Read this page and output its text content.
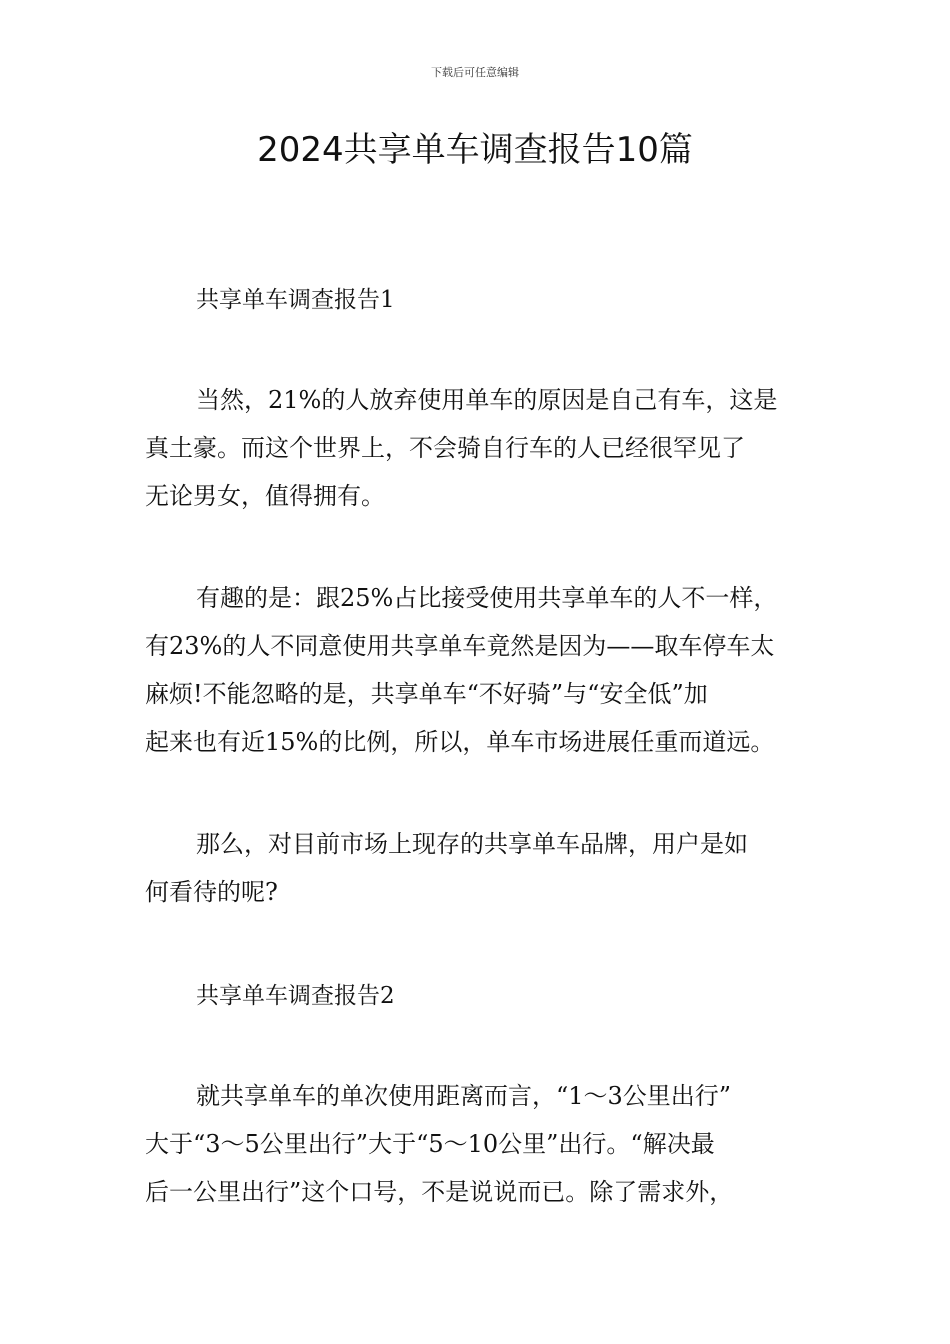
下载后可任意编辑
2024共享单车调查报告10篇
共享单车调查报告1
当然，21%的人放弃使用单车的原因是自己有车，这是
真土豪。而这个世界上，不会骑自行车的人已经很罕见了
无论男女，值得拥有。
有趣的是：跟25%占比接受使用共享单车的人不一样，
有23%的人不同意使用共享单车竟然是因为——取车停车太
麻烦!不能忽略的是，共享单车“不好骑”与“安全低”加
起来也有近15%的比例，所以，单车市场进展任重而道远。
那么，对目前市场上现存的共享单车品牌，用户是如
何看待的呢?
共享单车调查报告2
就共享单车的单次使用距离而言，“1～3公里出行”
大于“3～5公里出行”大于“5～10公里”出行。“解决最
后一公里出行”这个口号，不是说说而已。除了需求外，
